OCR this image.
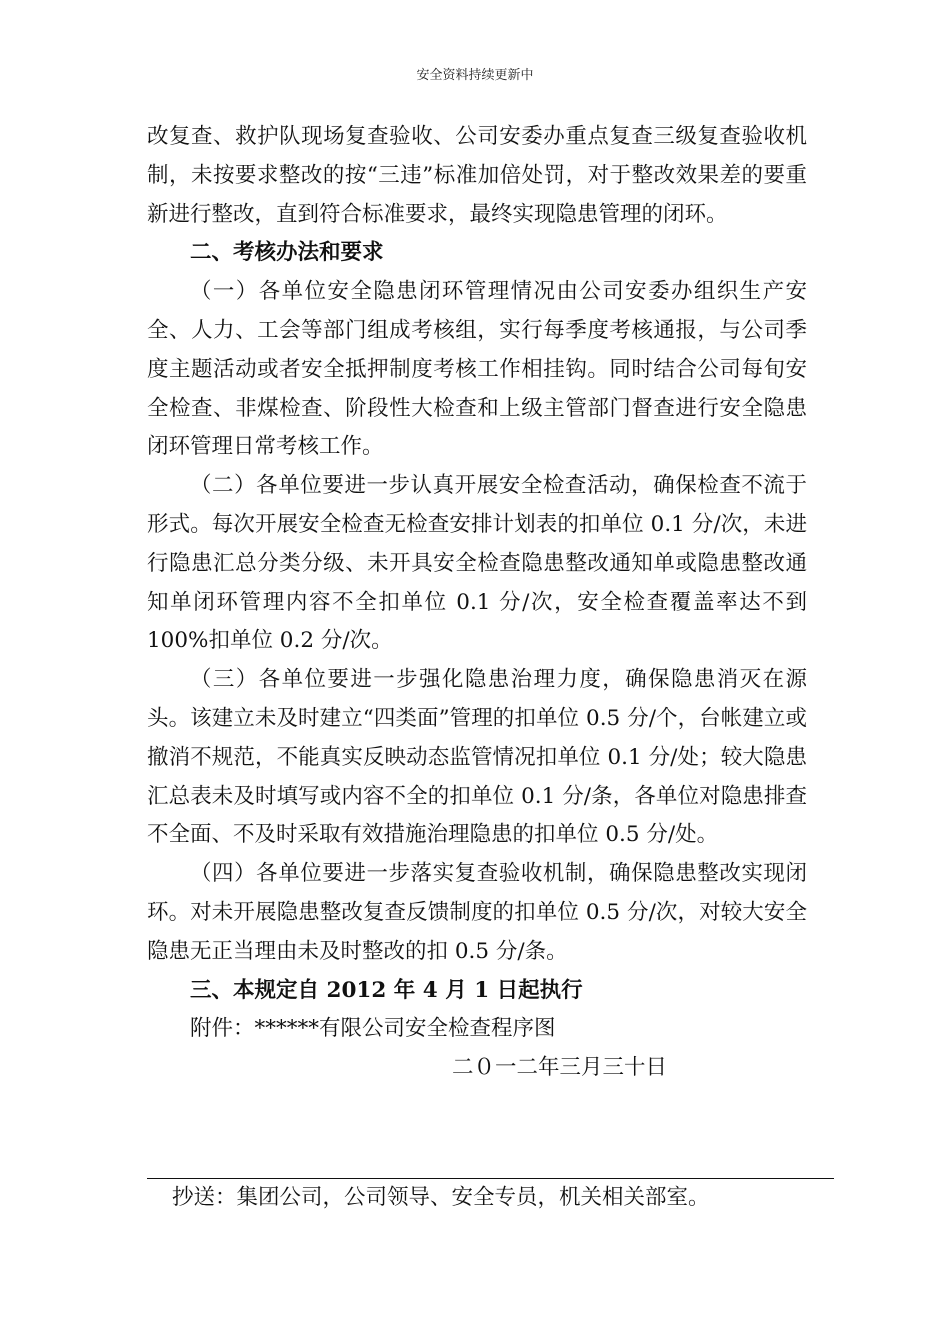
安全资料持续更新中

改复查、救护队现场复查验收、公司安委办重点复查三级复查验收机制，未按要求整改的按“三违”标准加倍处罚，对于整改效果差的要重新进行整改，直到符合标准要求，最终实现隐患管理的闭环。

二、考核办法和要求

（一）各单位安全隐患闭环管理情况由公司安委办组织生产安全、人力、工会等部门组成考核组，实行每季度考核通报，与公司季度主题活动或者安全抵押制度考核工作相挂钩。同时结合公司每旬安全检查、非煤检查、阶段性大检查和上级主管部门督查进行安全隐患闭环管理日常考核工作。

（二）各单位要进一步认真开展安全检查活动，确保检查不流于形式。每次开展安全检查无检查安排计划表的扣单位 0.1 分/次，未进行隐患汇总分类分级、未开具安全检查隐患整改通知单或隐患整改通知单闭环管理内容不全扣单位 0.1 分/次，安全检查覆盖率达不到100%扣单位 0.2 分/次。

（三）各单位要进一步强化隐患治理力度，确保隐患消灭在源头。该建立未及时建立“四类面”管理的扣单位 0.5 分/个，台帐建立或撤消不规范，不能真实反映动态监管情况扣单位 0.1 分/处；较大隐患汇总表未及时填写或内容不全的扣单位 0.1 分/条，各单位对隐患排查不全面、不及时采取有效措施治理隐患的扣单位 0.5 分/处。

（四）各单位要进一步落实复查验收机制，确保隐患整改实现闭环。对未开展隐患整改复查反馈制度的扣单位 0.5 分/次，对较大安全隐患无正当理由未及时整改的扣 0.5 分/条。

三、本规定自 2012 年 4 月 1 日起执行

附件：******有限公司安全检查程序图

二０一二年三月三十日

抄送：集团公司，公司领导、安全专员，机关相关部室。
